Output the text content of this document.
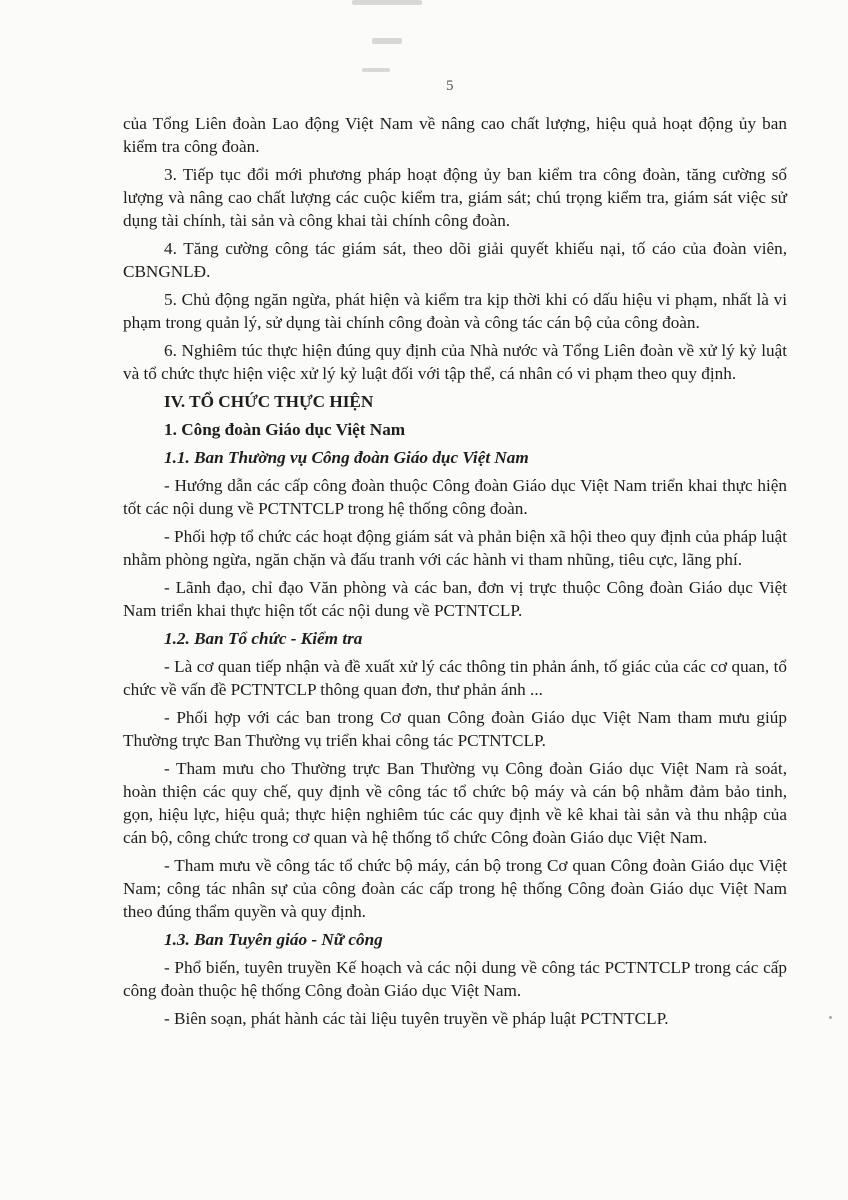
5

của Tổng Liên đoàn Lao động Việt Nam về nâng cao chất lượng, hiệu quả hoạt động ủy ban kiểm tra công đoàn.

3. Tiếp tục đổi mới phương pháp hoạt động ủy ban kiểm tra công đoàn, tăng cường số lượng và nâng cao chất lượng các cuộc kiểm tra, giám sát; chú trọng kiểm tra, giám sát việc sử dụng tài chính, tài sản và công khai tài chính công đoàn.

4. Tăng cường công tác giám sát, theo dõi giải quyết khiếu nại, tố cáo của đoàn viên, CBNGNLĐ.

5. Chủ động ngăn ngừa, phát hiện và kiểm tra kịp thời khi có dấu hiệu vi phạm, nhất là vi phạm trong quản lý, sử dụng tài chính công đoàn và công tác cán bộ của công đoàn.

6. Nghiêm túc thực hiện đúng quy định của Nhà nước và Tổng Liên đoàn về xử lý kỷ luật và tổ chức thực hiện việc xử lý kỷ luật đối với tập thể, cá nhân có vi phạm theo quy định.

IV. TỔ CHỨC THỰC HIỆN

1. Công đoàn Giáo dục Việt Nam

1.1. Ban Thường vụ Công đoàn Giáo dục Việt Nam

- Hướng dẫn các cấp công đoàn thuộc Công đoàn Giáo dục Việt Nam triển khai thực hiện tốt các nội dung về PCTNTCLP trong hệ thống công đoàn.

- Phối hợp tổ chức các hoạt động giám sát và phản biện xã hội theo quy định của pháp luật nhằm phòng ngừa, ngăn chặn và đấu tranh với các hành vi tham nhũng, tiêu cực, lãng phí.

- Lãnh đạo, chỉ đạo Văn phòng và các ban, đơn vị trực thuộc Công đoàn Giáo dục Việt Nam triển khai thực hiện tốt các nội dung về PCTNTCLP.

1.2. Ban Tổ chức - Kiểm tra

- Là cơ quan tiếp nhận và đề xuất xử lý các thông tin phản ánh, tố giác của các cơ quan, tổ chức về vấn đề PCTNTCLP thông quan đơn, thư phản ánh ...

- Phối hợp với các ban trong Cơ quan Công đoàn Giáo dục Việt Nam tham mưu giúp Thường trực Ban Thường vụ triển khai công tác PCTNTCLP.

- Tham mưu cho Thường trực Ban Thường vụ Công đoàn Giáo dục Việt Nam rà soát, hoàn thiện các quy chế, quy định về công tác tổ chức bộ máy và cán bộ nhằm đảm bảo tinh, gọn, hiệu lực, hiệu quả; thực hiện nghiêm túc các quy định về kê khai tài sản và thu nhập của cán bộ, công chức trong cơ quan và hệ thống tổ chức Công đoàn Giáo dục Việt Nam.

- Tham mưu về công tác tổ chức bộ máy, cán bộ trong Cơ quan Công đoàn Giáo dục Việt Nam; công tác nhân sự của công đoàn các cấp trong hệ thống Công đoàn Giáo dục Việt Nam theo đúng thẩm quyền và quy định.

1.3. Ban Tuyên giáo - Nữ công

- Phổ biến, tuyên truyền Kế hoạch và các nội dung về công tác PCTNTCLP trong các cấp công đoàn thuộc hệ thống Công đoàn Giáo dục Việt Nam.

- Biên soạn, phát hành các tài liệu tuyên truyền về pháp luật PCTNTCLP.
